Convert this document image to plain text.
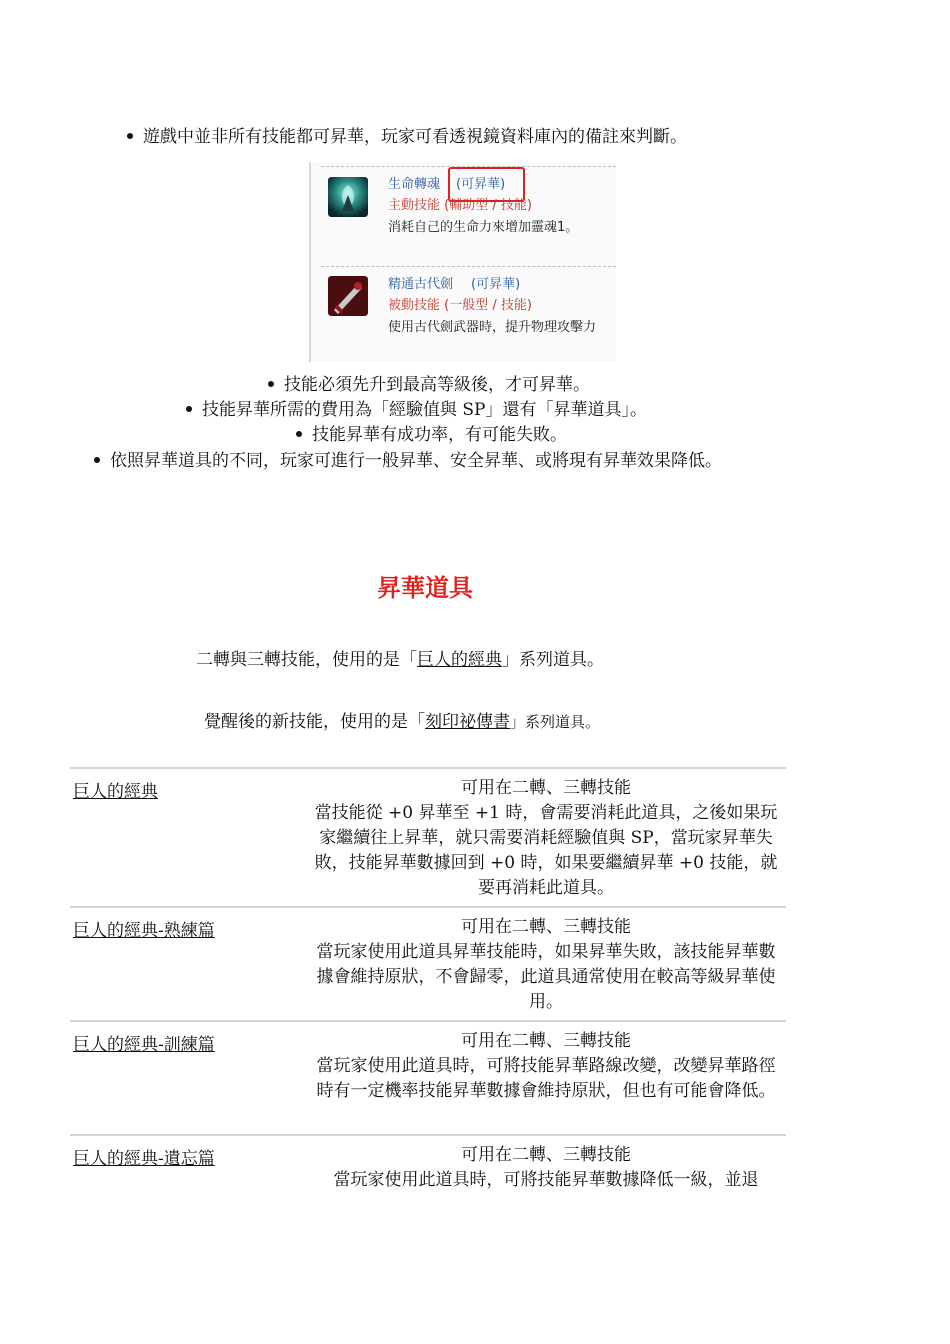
遊戲中並非所有技能都可昇華，玩家可看透視鏡資料庫內的備註來判斷。
生命轉魂 (可昇華)
主動技能 (輔助型 / 技能)
消耗自己的生命力來增加靈魂1。
精通古代劍 (可昇華)
被動技能 (一般型 / 技能)
使用古代劍武器時，提升物理攻擊力
技能必須先升到最高等級後，才可昇華。
技能昇華所需的費用為「經驗值與 SP」還有「昇華道具」。
技能昇華有成功率，有可能失敗。
依照昇華道具的不同，玩家可進行一般昇華、安全昇華、或將現有昇華效果降低。
昇華道具
二轉與三轉技能，使用的是「巨人的經典」系列道具。
覺醒後的新技能，使用的是「刻印祕傳書」系列道具。
巨人的經典	可用在二轉、三轉技能
當技能從 +0 昇華至 +1 時，會需要消耗此道具，之後如果玩家繼續往上昇華，就只需要消耗經驗值與 SP，當玩家昇華失敗，技能昇華數據回到 +0 時，如果要繼續昇華 +0 技能，就要再消耗此道具。
巨人的經典-熟練篇	可用在二轉、三轉技能
當玩家使用此道具昇華技能時，如果昇華失敗，該技能昇華數據會維持原狀，不會歸零，此道具通常使用在較高等級昇華使用。
巨人的經典-訓練篇	可用在二轉、三轉技能
當玩家使用此道具時，可將技能昇華路線改變，改變昇華路徑時有一定機率技能昇華數據會維持原狀，但也有可能會降低。
巨人的經典-遺忘篇	可用在二轉、三轉技能
當玩家使用此道具時，可將技能昇華數據降低一級，並退
